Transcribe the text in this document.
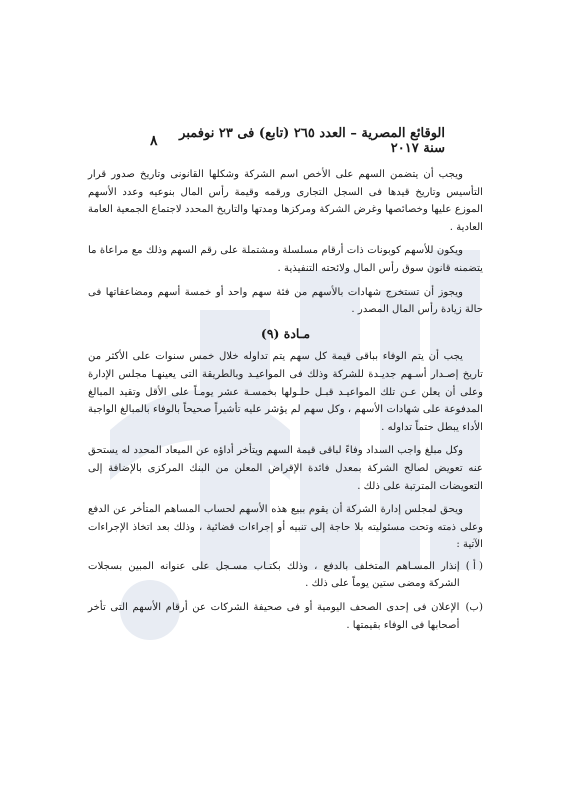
الوقائع المصرية – العدد ٢٦٥ (تابع) فى ٢٣ نوفمبر سنة ٢٠١٧
٨

ويجب أن يتضمن السهم على الأخص اسم الشركة وشكلها القانونى وتاريخ صدور قرار التأسيس وتاريخ قيدها فى السجل التجارى ورقمه وقيمة رأس المال بنوعيه وعدد الأسهم الموزع عليها وخصائصها وغرض الشركة ومركزها ومدتها والتاريخ المحدد لاجتماع الجمعية العامة العادية .

ويكون للأسهم كوبونات ذات أرقام مسلسلة ومشتملة على رقم السهم وذلك مع مراعاة ما يتضمنه قانون سوق رأس المال ولائحته التنفيذية .

ويجوز أن تستخرج شهادات بالأسهم من فئة سهم واحد أو خمسة أسهم ومضاعفاتها فى حالة زيادة رأس المال المصدر .

مـادة (٩)

يجب أن يتم الوفاء بباقى قيمة كل سهم يتم تداوله خلال خمس سنوات على الأكثر من تاريخ إصـدار أسـهم جديـدة للشركة وذلك فى المواعيـد وبالطريقة التى يعينهـا مجلس الإدارة وعلى أن يعلن عـن تلك المواعيـد قبـل حلـولها بخمسـة عشر يومـاً على الأقل وتقيد المبالغ المدفوعة على شهادات الأسهم ، وكل سهم لم يؤشر عليه تأشيراً صحيحاً بالوفاء بالمبالغ الواجبة الأداء يبطل حتماً تداوله .

وكل مبلغ واجب السداد وفاءً لباقى قيمة السهم ويتأخر أداؤه عن الميعاد المحدد له يستحق عنه تعويض لصالح الشركة بمعدل فائدة الإقراض المعلن من البنك المركزى بالإضافة إلى التعويضات المترتبة على ذلك .

ويحق لمجلس إدارة الشركة أن يقوم ببيع هذه الأسهم لحساب المساهم المتأخر عن الدفع وعلى ذمته وتحت مسئوليته بلا حاجة إلى تنبيه أو إجراءات قضائية ، وذلك بعد اتخاذ الإجراءات الآتية :

( أ )
إنذار المسـاهم المتخلف بالدفع ، وذلك بكتـاب مسـجل على عنوانه المبين بسجلات الشركة ومضى ستين يوماً على ذلك .
(ب)
الإعلان فى إحدى الصحف اليومية أو فى صحيفة الشركات عن أرقام الأسهم التى تأخر أصحابها فى الوفاء بقيمتها .
